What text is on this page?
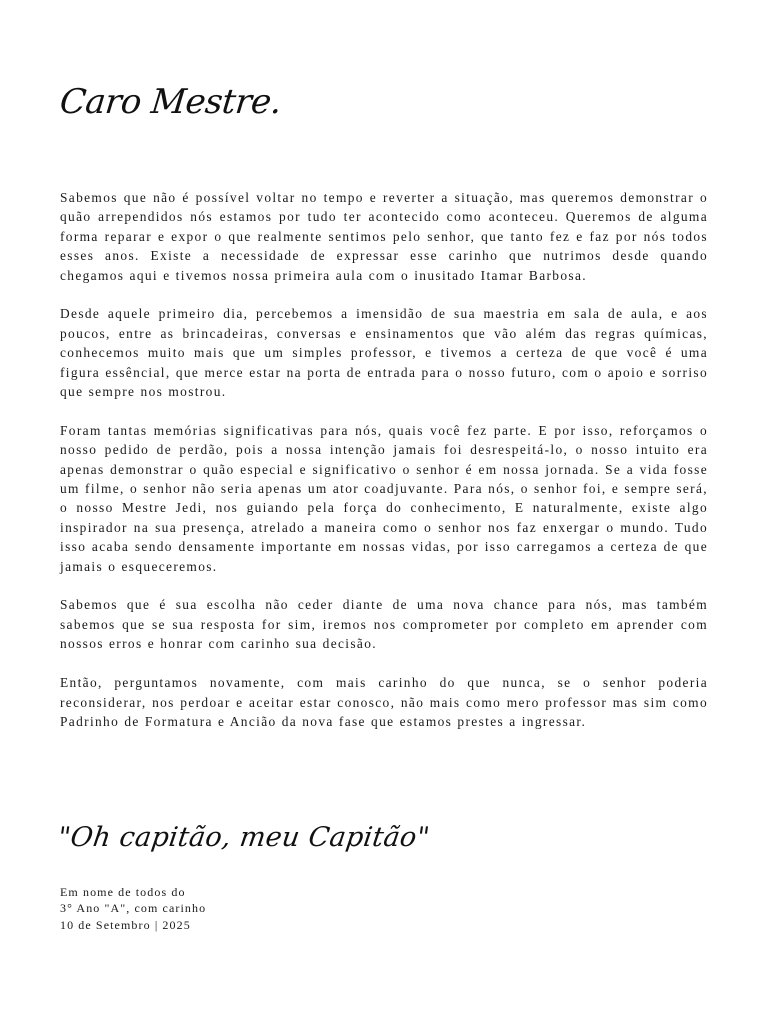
Caro Mestre.

Sabemos que não é possível voltar no tempo e reverter a situação, mas queremos demonstrar o quão arrependidos nós estamos por tudo ter acontecido como aconteceu. Queremos de alguma forma reparar e expor o que realmente sentimos pelo senhor, que tanto fez e faz por nós todos esses anos. Existe a necessidade de expressar esse carinho que nutrimos desde quando chegamos aqui e tivemos nossa primeira aula com o inusitado Itamar Barbosa.

Desde aquele primeiro dia, percebemos a imensidão de sua maestria em sala de aula, e aos poucos, entre as brincadeiras, conversas e ensinamentos que vão além das regras químicas, conhecemos muito mais que um simples professor, e tivemos a certeza de que você é uma figura essêncial, que merce estar na porta de entrada para o nosso futuro, com o apoio e sorriso que sempre nos mostrou.

Foram tantas memórias significativas para nós, quais você fez parte. E por isso, reforçamos o nosso pedido de perdão, pois a nossa intenção jamais foi desrespeitá-lo, o nosso intuito era apenas demonstrar o quão especial e significativo o senhor é em nossa jornada. Se a vida fosse um filme, o senhor não seria apenas um ator coadjuvante. Para nós, o senhor foi, e sempre será, o nosso Mestre Jedi, nos guiando pela força do conhecimento, E naturalmente, existe algo inspirador na sua presença, atrelado a maneira como o senhor nos faz enxergar o mundo. Tudo isso acaba sendo densamente importante em nossas vidas, por isso carregamos a certeza de que jamais o esqueceremos.

Sabemos que é sua escolha não ceder diante de uma nova chance para nós, mas também sabemos que se sua resposta for sim, iremos nos comprometer por completo em aprender com nossos erros e honrar com carinho sua decisão.

Então, perguntamos novamente, com mais carinho do que nunca, se o senhor poderia reconsiderar, nos perdoar e aceitar estar conosco, não mais como mero professor mas sim como Padrinho de Formatura e Ancião da nova fase que estamos prestes a ingressar.

"Oh capitão, meu Capitão"
Em nome de todos do
3° Ano "A", com carinho
10 de Setembro | 2025
